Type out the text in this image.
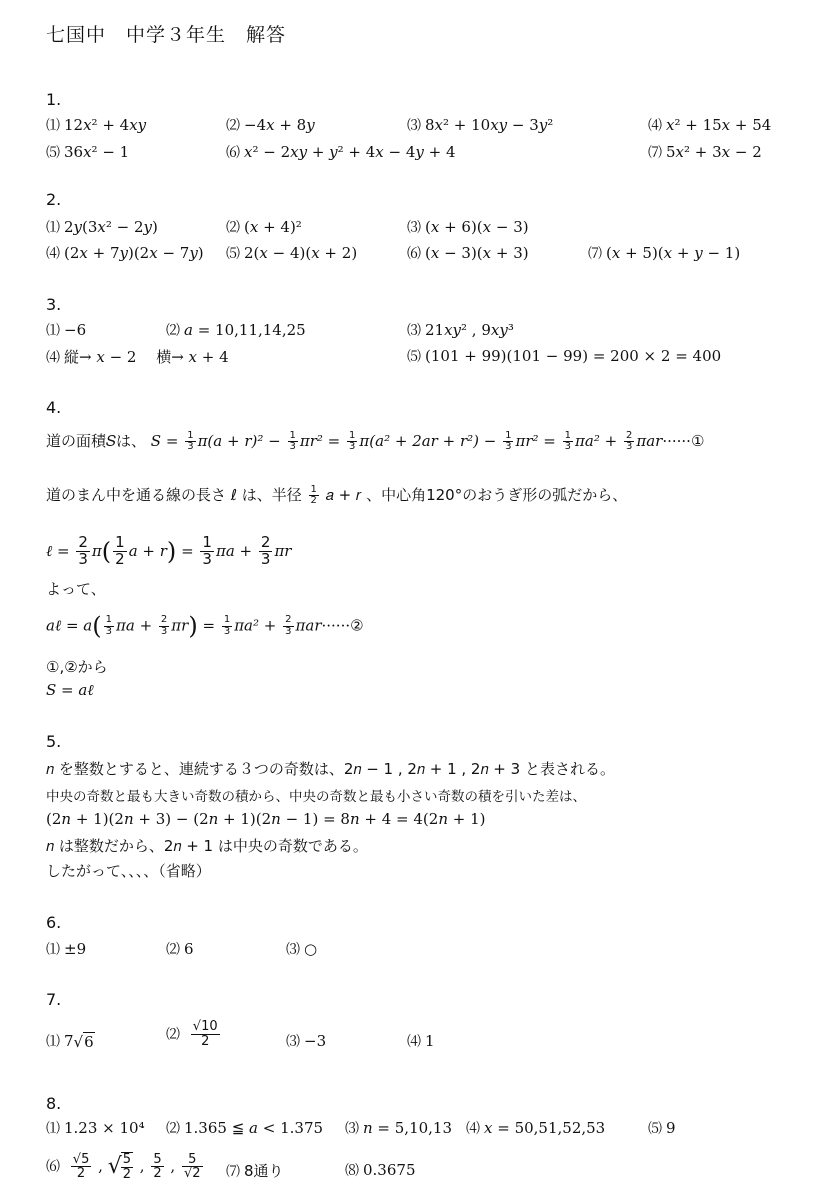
七国中　中学３年生　解答
1.
⑴ 12𝑥² + 4𝑥𝑦	⑵ −4𝑥 + 8𝑦	⑶ 8𝑥² + 10𝑥𝑦 − 3𝑦²	⑷ 𝑥² + 15𝑥 + 54
⑸ 36𝑥² − 1	⑹ 𝑥² − 2𝑥𝑦 + 𝑦² + 4𝑥 − 4𝑦 + 4	⑺ 5𝑥² + 3𝑥 − 2
2.
⑴ 2𝑦(3𝑥² − 2𝑦)	⑵ (𝑥 + 4)²	⑶ (𝑥 + 6)(𝑥 − 3)
⑷ (2𝑥 + 7𝑦)(2𝑥 − 7𝑦) ⑸ 2(𝑥 − 4)(𝑥 + 2)	⑹ (𝑥 − 3)(𝑥 + 3)	⑺ (𝑥 + 5)(𝑥 + 𝑦 − 1)
3.
⑴ −6	⑵ 𝑎 = 10,11,14,25	⑶ 21𝑥𝑦² , 9𝑥𝑦³
⑷ 縦→ 𝑥 − 2　 横→ 𝑥 + 4	⑸ (101 + 99)(101 − 99) = 200 × 2 = 400
4.
道の面積𝑆は、 𝑆 = $\frac{1}{3}$ π(𝑎 + 𝑟)² − $\frac{1}{3}$ π𝑟² = $\frac{1}{3}$ π(𝑎² + 2𝑎𝑟 + 𝑟²) − $\frac{1}{3}$ π𝑟² = $\frac{1}{3}$ π𝑎² + $\frac{2}{3}$ π𝑎𝑟······①
道のまん中を通る線の長さ ℓ は、半径 $\frac{1}{2}$ 𝑎 + 𝑟 、中心角120°のおうぎ形の弧だから、
ℓ = $\frac{2}{3} \pi( \frac{1}{2}$ 𝑎 + 𝑟) = $\frac{1}{3}$ π𝑎 + $\frac{2}{3}$ π𝑟
よって、
𝑎ℓ = 𝑎( $\frac{1}{3}$ π𝑎 + $\frac{2}{3}$ π𝑟) = $\frac{1}{3}$ π𝑎² + $\frac{2}{3}$ π𝑎𝑟······②
①,②から
𝑆 = 𝑎ℓ
5.
𝑛 を整数とすると、連続する３つの奇数は、2𝑛 − 1 , 2𝑛 + 1 , 2𝑛 + 3 と表される。
中央の奇数と最も大きい奇数の積から、中央の奇数と最も小さい奇数の積を引いた差は、
(2𝑛 + 1)(2𝑛 + 3) − (2𝑛 + 1)(2𝑛 − 1) = 8𝑛 + 4 = 4(2𝑛 + 1)
𝑛 は整数だから、2𝑛 + 1 は中央の奇数である。
したがって、、、、（省略）
6.
⑴ ±9	⑵ 6	⑶ ○
7.
⑴ 7√6	⑵ $\frac{√10}{2}$	⑶ −3	⑷ 1
8.
⑴ 1.23 × 10⁴ ⑵ 1.365 ≦ 𝑎 < 1.375 ⑶ 𝑛 = 5,10,13 ⑷ 𝑥 = 50,51,52,53	⑸ 9
⑹ $\frac{√5}{2}$ , √ $\frac{5}{2}$ , $\frac{5}{2}$ , $\frac{5}{√2}$ ⑺ 8通り	⑻ 0.3675
